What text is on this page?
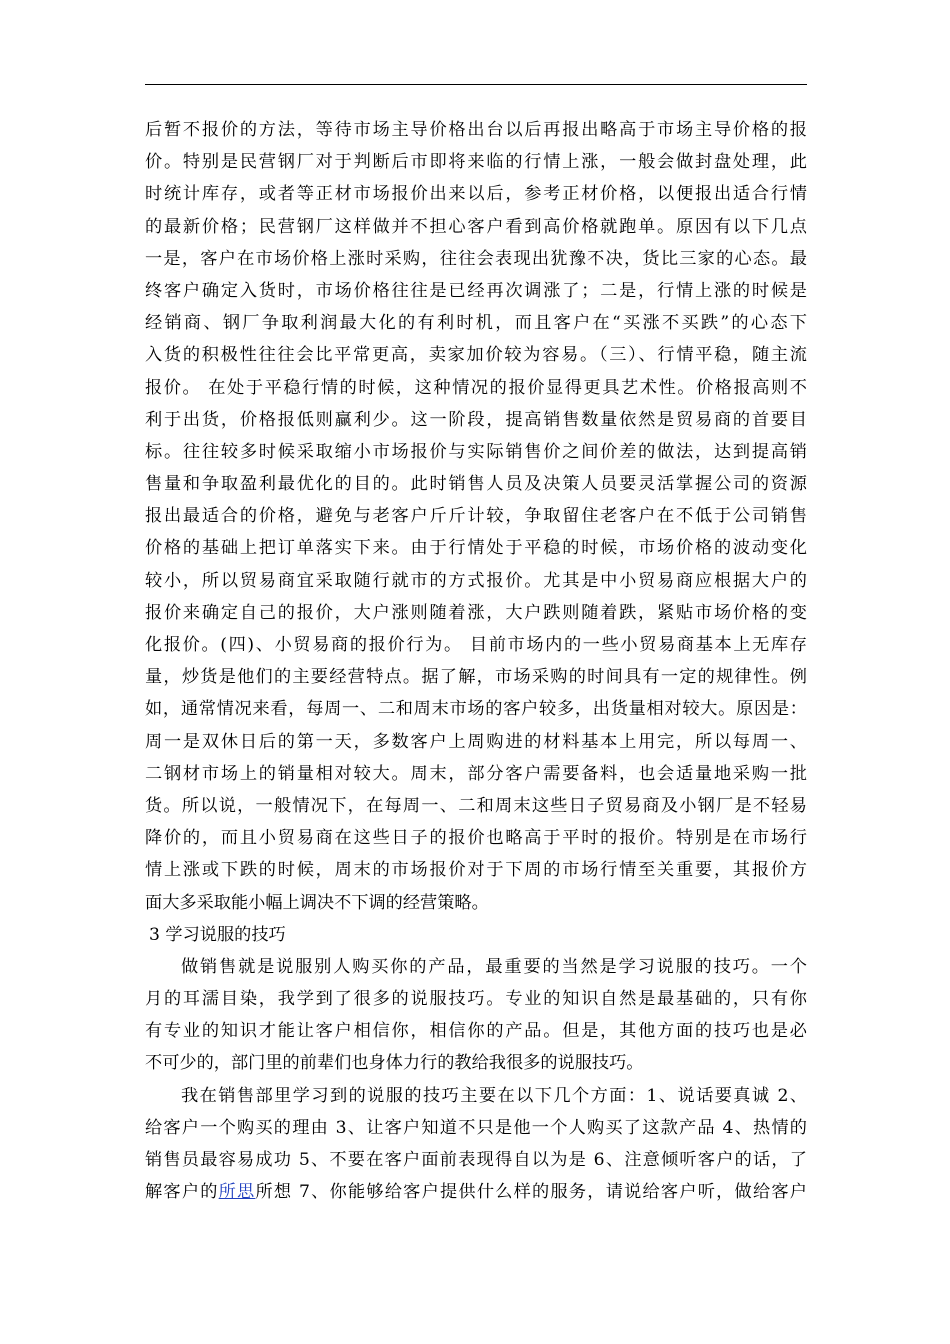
后暂不报价的方法，等待市场主导价格出台以后再报出略高于市场主导价格的报
价。特别是民营钢厂对于判断后市即将来临的行情上涨，一般会做封盘处理，此
时统计库存，或者等正材市场报价出来以后，参考正材价格，以便报出适合行情
的最新价格；民营钢厂这样做并不担心客户看到高价格就跑单。原因有以下几点
一是，客户在市场价格上涨时采购，往往会表现出犹豫不决，货比三家的心态。最
终客户确定入货时，市场价格往往是已经再次调涨了；二是，行情上涨的时候是
经销商、钢厂争取利润最大化的有利时机，而且客户在“买涨不买跌”的心态下
入货的积极性往往会比平常更高，卖家加价较为容易。（三）、行情平稳，随主流
报价。 在处于平稳行情的时候，这种情况的报价显得更具艺术性。价格报高则不
利于出货，价格报低则赢利少。这一阶段，提高销售数量依然是贸易商的首要目
标。往往较多时候采取缩小市场报价与实际销售价之间价差的做法，达到提高销
售量和争取盈利最优化的目的。此时销售人员及决策人员要灵活掌握公司的资源
报出最适合的价格，避免与老客户斤斤计较，争取留住老客户在不低于公司销售
价格的基础上把订单落实下来。由于行情处于平稳的时候，市场价格的波动变化
较小，所以贸易商宜采取随行就市的方式报价。尤其是中小贸易商应根据大户的
报价来确定自己的报价，大户涨则随着涨，大户跌则随着跌，紧贴市场价格的变
化报价。(四)、小贸易商的报价行为。 目前市场内的一些小贸易商基本上无库存
量，炒货是他们的主要经营特点。据了解，市场采购的时间具有一定的规律性。例
如，通常情况来看，每周一、二和周末市场的客户较多，出货量相对较大。原因是：
周一是双休日后的第一天，多数客户上周购进的材料基本上用完，所以每周一、
二钢材市场上的销量相对较大。周末，部分客户需要备料，也会适量地采购一批
货。所以说，一般情况下，在每周一、二和周末这些日子贸易商及小钢厂是不轻易
降价的，而且小贸易商在这些日子的报价也略高于平时的报价。特别是在市场行
情上涨或下跌的时候，周末的市场报价对于下周的市场行情至关重要，其报价方
面大多采取能小幅上调决不下调的经营策略。
3 学习说服的技巧
做销售就是说服别人购买你的产品，最重要的当然是学习说服的技巧。一个
月的耳濡目染，我学到了很多的说服技巧。专业的知识自然是最基础的，只有你
有专业的知识才能让客户相信你，相信你的产品。但是，其他方面的技巧也是必
不可少的，部门里的前辈们也身体力行的教给我很多的说服技巧。
我在销售部里学习到的说服的技巧主要在以下几个方面：1、说话要真诚 2、
给客户一个购买的理由 3、让客户知道不只是他一个人购买了这款产品 4、热情的
销售员最容易成功 5、不要在客户面前表现得自以为是 6、注意倾听客户的话，了
解客户的所思所想 7、你能够给客户提供什么样的服务，请说给客户听，做给客户
